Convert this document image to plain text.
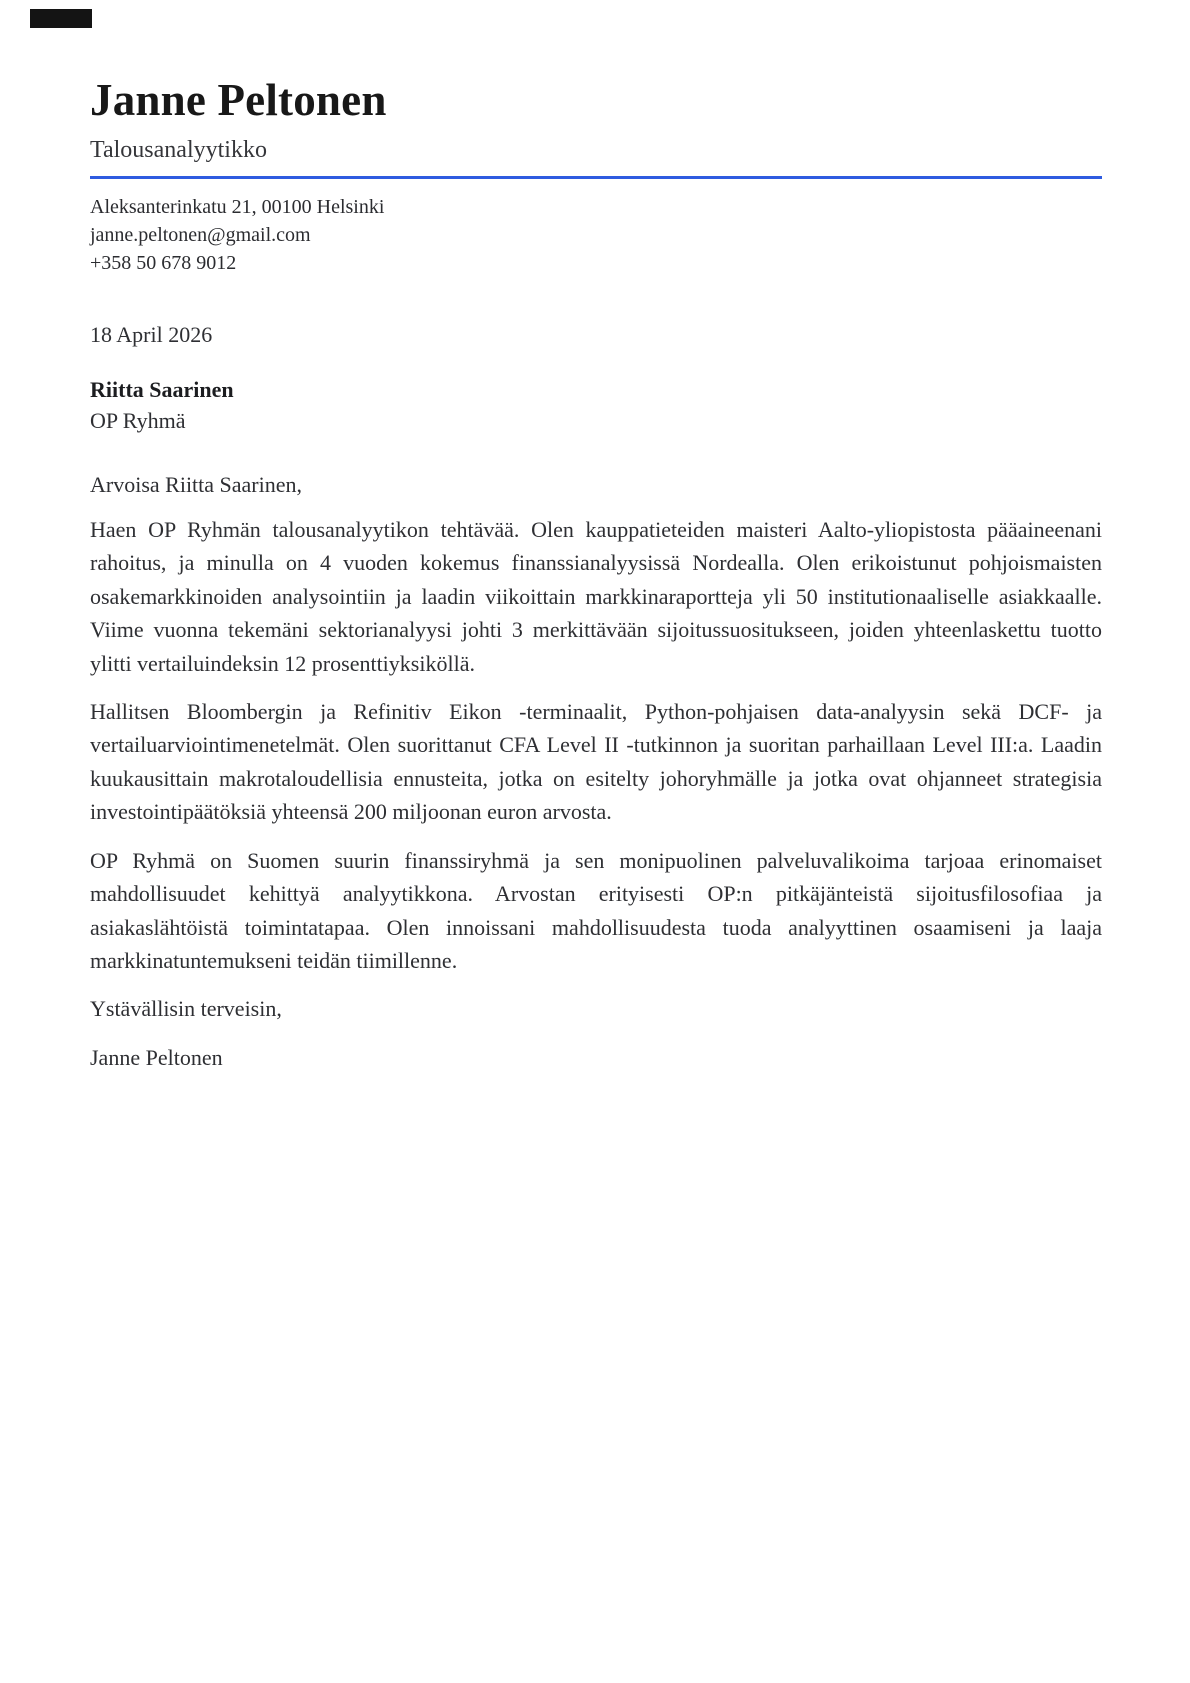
Janne Peltonen
Talousanalyytikko
Aleksanterinkatu 21, 00100 Helsinki
janne.peltonen@gmail.com
+358 50 678 9012
18 April 2026
Riitta Saarinen
OP Ryhmä
Arvoisa Riitta Saarinen,

Haen OP Ryhmän talousanalyytikon tehtävää. Olen kauppatieteiden maisteri Aalto-yliopistosta pääaineenani rahoitus, ja minulla on 4 vuoden kokemus finanssianalyysissä Nordealla. Olen erikoistunut pohjoismaisten osakemarkkinoiden analysointiin ja laadin viikoittain markkinaraportteja yli 50 institutionaaliselle asiakkaalle. Viime vuonna tekemäni sektorianalyysi johti 3 merkittävään sijoitussuositukseen, joiden yhteenlaskettu tuotto ylitti vertailuindeksin 12 prosenttiyksiköllä.

Hallitsen Bloombergin ja Refinitiv Eikon -terminaalit, Python-pohjaisen data-analyysin sekä DCF- ja vertailuarviointimenetelmät. Olen suorittanut CFA Level II -tutkinnon ja suoritan parhaillaan Level III:a. Laadin kuukausittain makrotaloudellisia ennusteita, jotka on esitelty johoryhmälle ja jotka ovat ohjanneet strategisia investointipäätöksiä yhteensä 200 miljoonan euron arvosta.

OP Ryhmä on Suomen suurin finanssiryhmä ja sen monipuolinen palveluvalikoima tarjoaa erinomaiset mahdollisuudet kehittyä analyytikkona. Arvostan erityisesti OP:n pitkäjänteistä sijoitusfilosofiaa ja asiakaslähtöistä toimintatapaa. Olen innoissani mahdollisuudesta tuoda analyyttinen osaamiseni ja laaja markkinatuntemukseni teidän tiimillenne.

Ystävällisin terveisin,
Janne Peltonen
